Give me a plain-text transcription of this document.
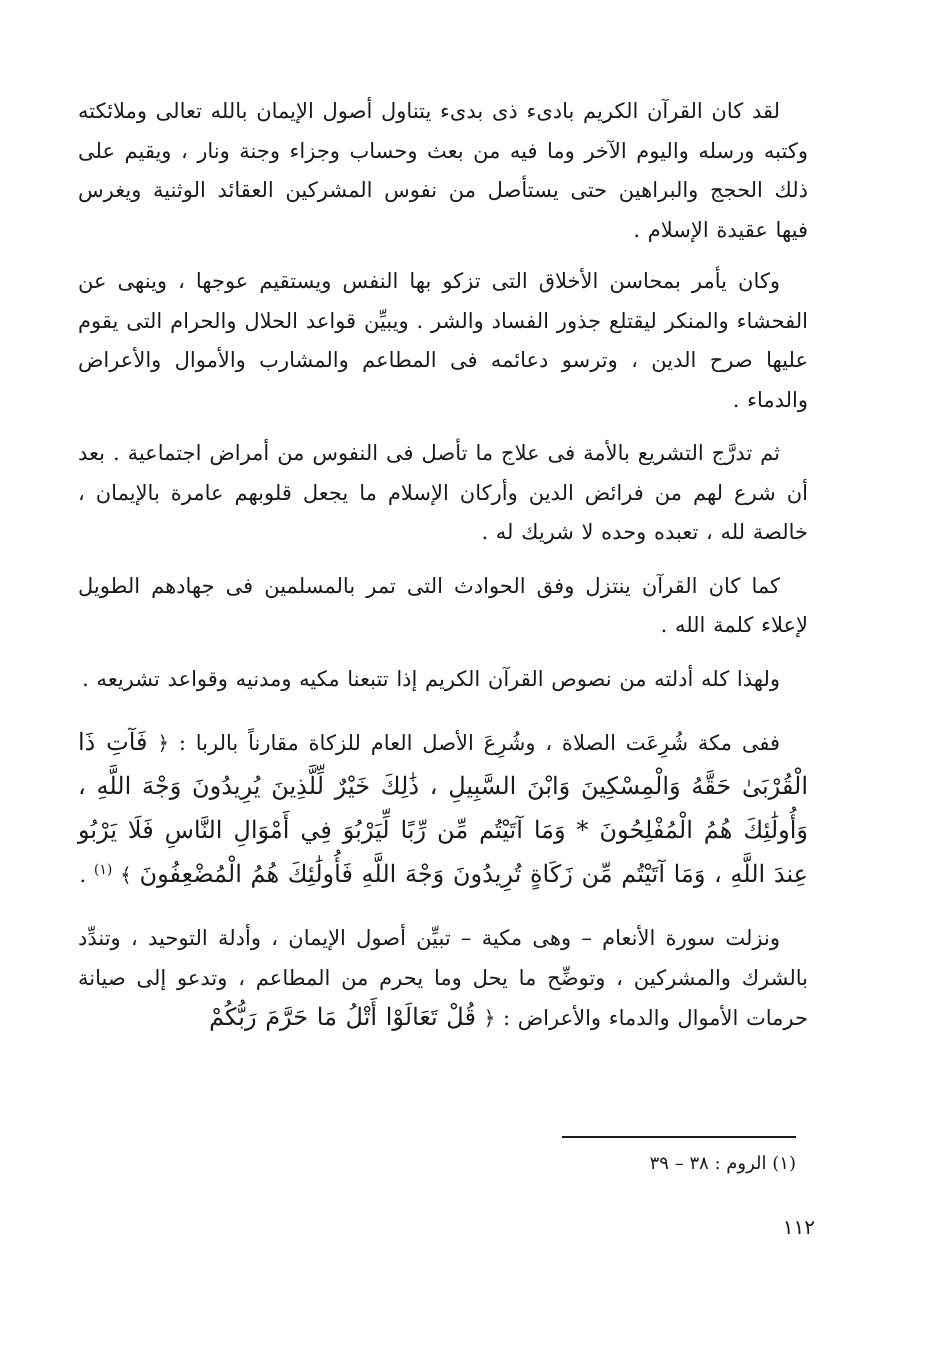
لقد كان القرآن الكريم بادىء ذى بدىء يتناول أصول الإيمان بالله تعالى وملائكته وكتبه ورسله واليوم الآخر وما فيه من بعث وحساب وجزاء وجنة ونار ، ويقيم على ذلك الحجج والبراهين حتى يستأصل من نفوس المشركين العقائد الوثنية ويغرس فيها عقيدة الإسلام .

وكان يأمر بمحاسن الأخلاق التى تزكو بها النفس ويستقيم عوجها ، وينهى عن الفحشاء والمنكر ليقتلع جذور الفساد والشر . ويبيِّن قواعد الحلال والحرام التى يقوم عليها صرح الدين ، وترسو دعائمه فى المطاعم والمشارب والأموال والأعراض والدماء .

ثم تدرَّج التشريع بالأمة فى علاج ما تأصل فى النفوس من أمراض اجتماعية . بعد أن شرع لهم من فرائض الدين وأركان الإسلام ما يجعل قلوبهم عامرة بالإيمان ، خالصة لله ، تعبده وحده لا شريك له .

كما كان القرآن ينتزل وفق الحوادث التى تمر بالمسلمين فى جهادهم الطويل لإعلاء كلمة الله .

ولهذا كله أدلته من نصوص القرآن الكريم إذا تتبعنا مكيه ومدنيه وقواعد تشريعه .

ففى مكة شُرِعَت الصلاة ، وشُرِعَ الأصل العام للزكاة مقارناً بالربا : ﴿ فَآتِ ذَا الْقُرْبَىٰ حَقَّهُ وَالْمِسْكِينَ وَابْنَ السَّبِيلِ ، ذَٰلِكَ خَيْرٌ لِّلَّذِينَ يُرِيدُونَ وَجْهَ اللَّهِ ، وَأُولَٰئِكَ هُمُ الْمُفْلِحُونَ * وَمَا آتَيْتُم مِّن رِّبًا لِّيَرْبُوَ فِي أَمْوَالِ النَّاسِ فَلَا يَرْبُو عِندَ اللَّهِ ، وَمَا آتَيْتُم مِّن زَكَاةٍ تُرِيدُونَ وَجْهَ اللَّهِ فَأُولَٰئِكَ هُمُ الْمُضْعِفُونَ ﴾ $^{(١)}$ .

ونزلت سورة الأنعام – وهى مكية – تبيِّن أصول الإيمان ، وأدلة التوحيد ، وتندِّد بالشرك والمشركين ، وتوضِّح ما يحل وما يحرم من المطاعم ، وتدعو إلى صيانة حرمات الأموال والدماء والأعراض : ﴿ قُلْ تَعَالَوْا أَتْلُ مَا حَرَّمَ رَبُّكُمْ

(١) الروم : ٣٨ – ٣٩
١١٢
